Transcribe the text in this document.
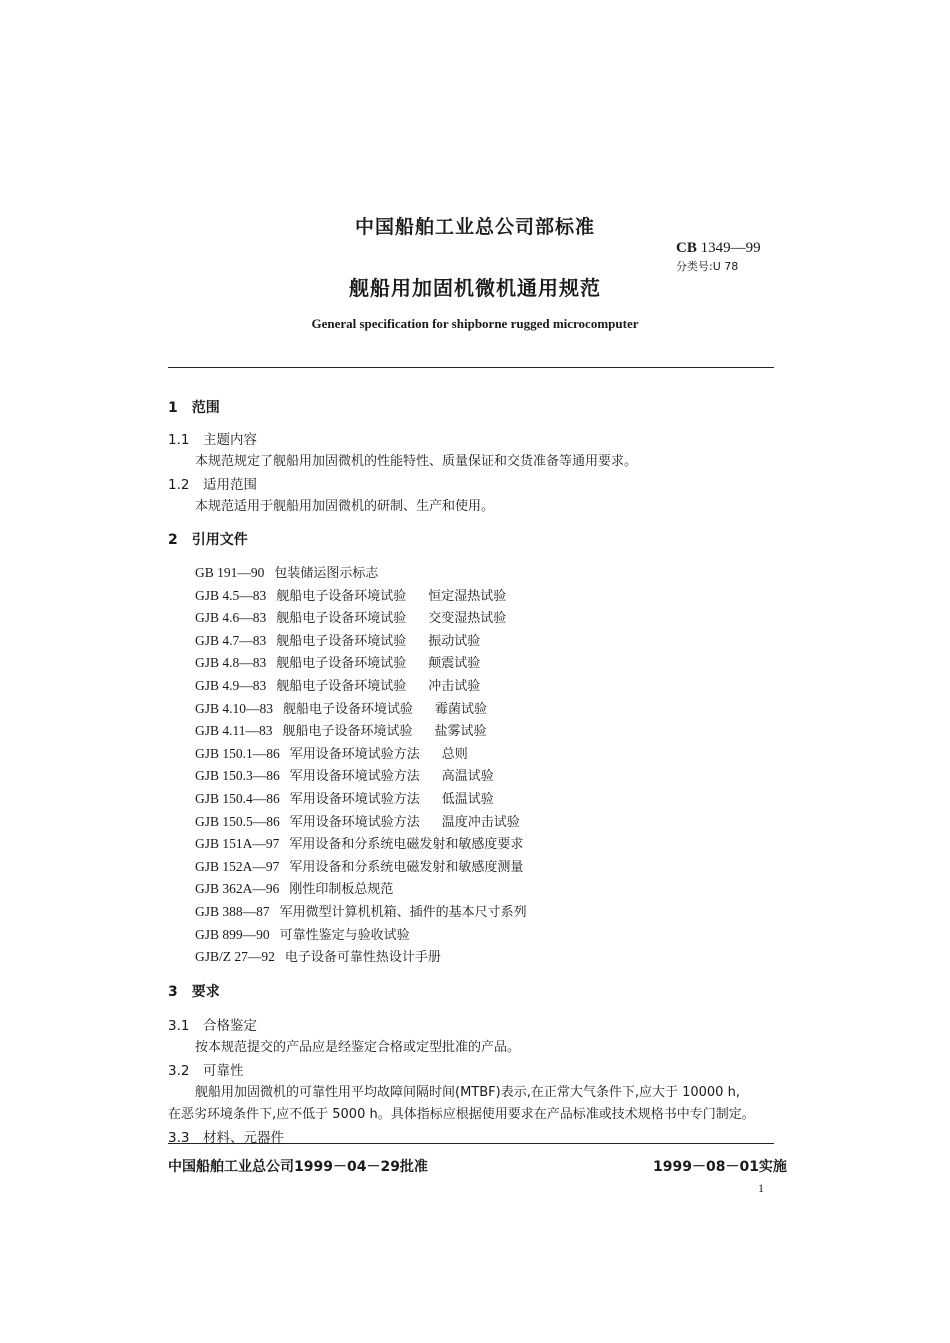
中国船舶工业总公司部标准
CB 1349—99
分类号:U 78
舰船用加固机微机通用规范
General specification for shipborne rugged microcomputer
1　范围
1.1　主题内容
本规范规定了舰船用加固微机的性能特性、质量保证和交货准备等通用要求。
1.2　适用范围
本规范适用于舰船用加固微机的研制、生产和使用。
2　引用文件
GB 191—90 包装储运图示标志
GJB 4.5—83 舰船电子设备环境试验 恒定湿热试验
GJB 4.6—83 舰船电子设备环境试验 交变湿热试验
GJB 4.7—83 舰船电子设备环境试验 振动试验
GJB 4.8—83 舰船电子设备环境试验 颠震试验
GJB 4.9—83 舰船电子设备环境试验 冲击试验
GJB 4.10—83 舰船电子设备环境试验 霉菌试验
GJB 4.11—83 舰船电子设备环境试验 盐雾试验
GJB 150.1—86 军用设备环境试验方法 总则
GJB 150.3—86 军用设备环境试验方法 高温试验
GJB 150.4—86 军用设备环境试验方法 低温试验
GJB 150.5—86 军用设备环境试验方法 温度冲击试验
GJB 151A—97 军用设备和分系统电磁发射和敏感度要求
GJB 152A—97 军用设备和分系统电磁发射和敏感度测量
GJB 362A—96 刚性印制板总规范
GJB 388—87 军用微型计算机机箱、插件的基本尺寸系列
GJB 899—90 可靠性鉴定与验收试验
GJB/Z 27—92 电子设备可靠性热设计手册
3　要求
3.1　合格鉴定
按本规范提交的产品应是经鉴定合格或定型批准的产品。
3.2　可靠性
舰船用加固微机的可靠性用平均故障间隔时间(MTBF)表示,在正常大气条件下,应大于 10000 h,
在恶劣环境条件下,应不低于 5000 h。具体指标应根据使用要求在产品标准或技术规格书中专门制定。
3.3　材料、元器件
中国船舶工业总公司1999－04－29批准	1999－08－01实施
1
